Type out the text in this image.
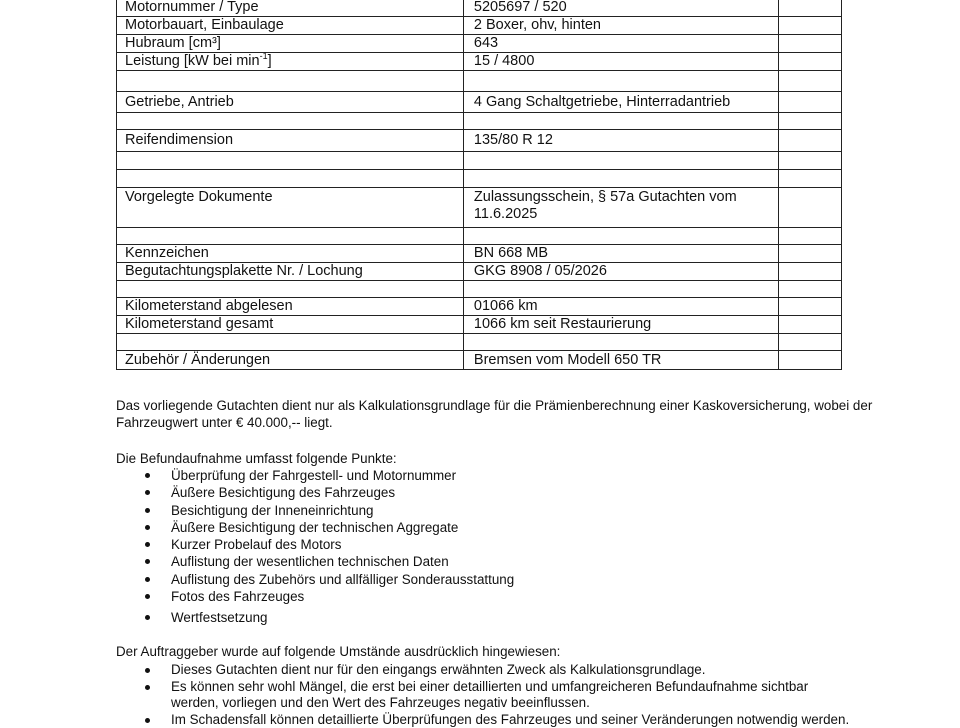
Motornummer / Type	5205697 / 520	
Motorbauart, Einbaulage	2 Boxer, ohv, hinten	
Hubraum [cm³]	643	
Leistung [kW bei $\min^{-1}$]	15 / 4800	

Getriebe, Antrieb	4 Gang Schaltgetriebe, Hinterradantrieb	

Reifendimension	135/80 R 12	

Vorgelegte Dokumente	Zulassungsschein, § 57a Gutachten vom 11.6.2025	

Kennzeichen	BN 668 MB	
Begutachtungsplakette Nr. / Lochung	GKG 8908 / 05/2026	

Kilometerstand abgelesen	01066 km	
Kilometerstand gesamt	1066 km seit Restaurierung	

Zubehör / Änderungen	Bremsen vom Modell 650 TR	
Das vorliegende Gutachten dient nur als Kalkulationsgrundlage für die Prämienberechnung einer Kaskoversicherung, wobei der Fahrzeugwert unter € 40.000,-- liegt.
Die Befundaufnahme umfasst folgende Punkte:
Überprüfung der Fahrgestell- und Motornummer
Äußere Besichtigung des Fahrzeuges
Besichtigung der Inneneinrichtung
Äußere Besichtigung der technischen Aggregate
Kurzer Probelauf des Motors
Auflistung der wesentlichen technischen Daten
Auflistung des Zubehörs und allfälliger Sonderausstattung
Fotos des Fahrzeuges
Wertfestsetzung
Der Auftraggeber wurde auf folgende Umstände ausdrücklich hingewiesen:
Dieses Gutachten dient nur für den eingangs erwähnten Zweck als Kalkulationsgrundlage.
Es können sehr wohl Mängel, die erst bei einer detaillierten und umfangreicheren Befundaufnahme sichtbar werden, vorliegen und den Wert des Fahrzeuges negativ beeinflussen.
Im Schadensfall können detaillierte Überprüfungen des Fahrzeuges und seiner Veränderungen notwendig werden.
